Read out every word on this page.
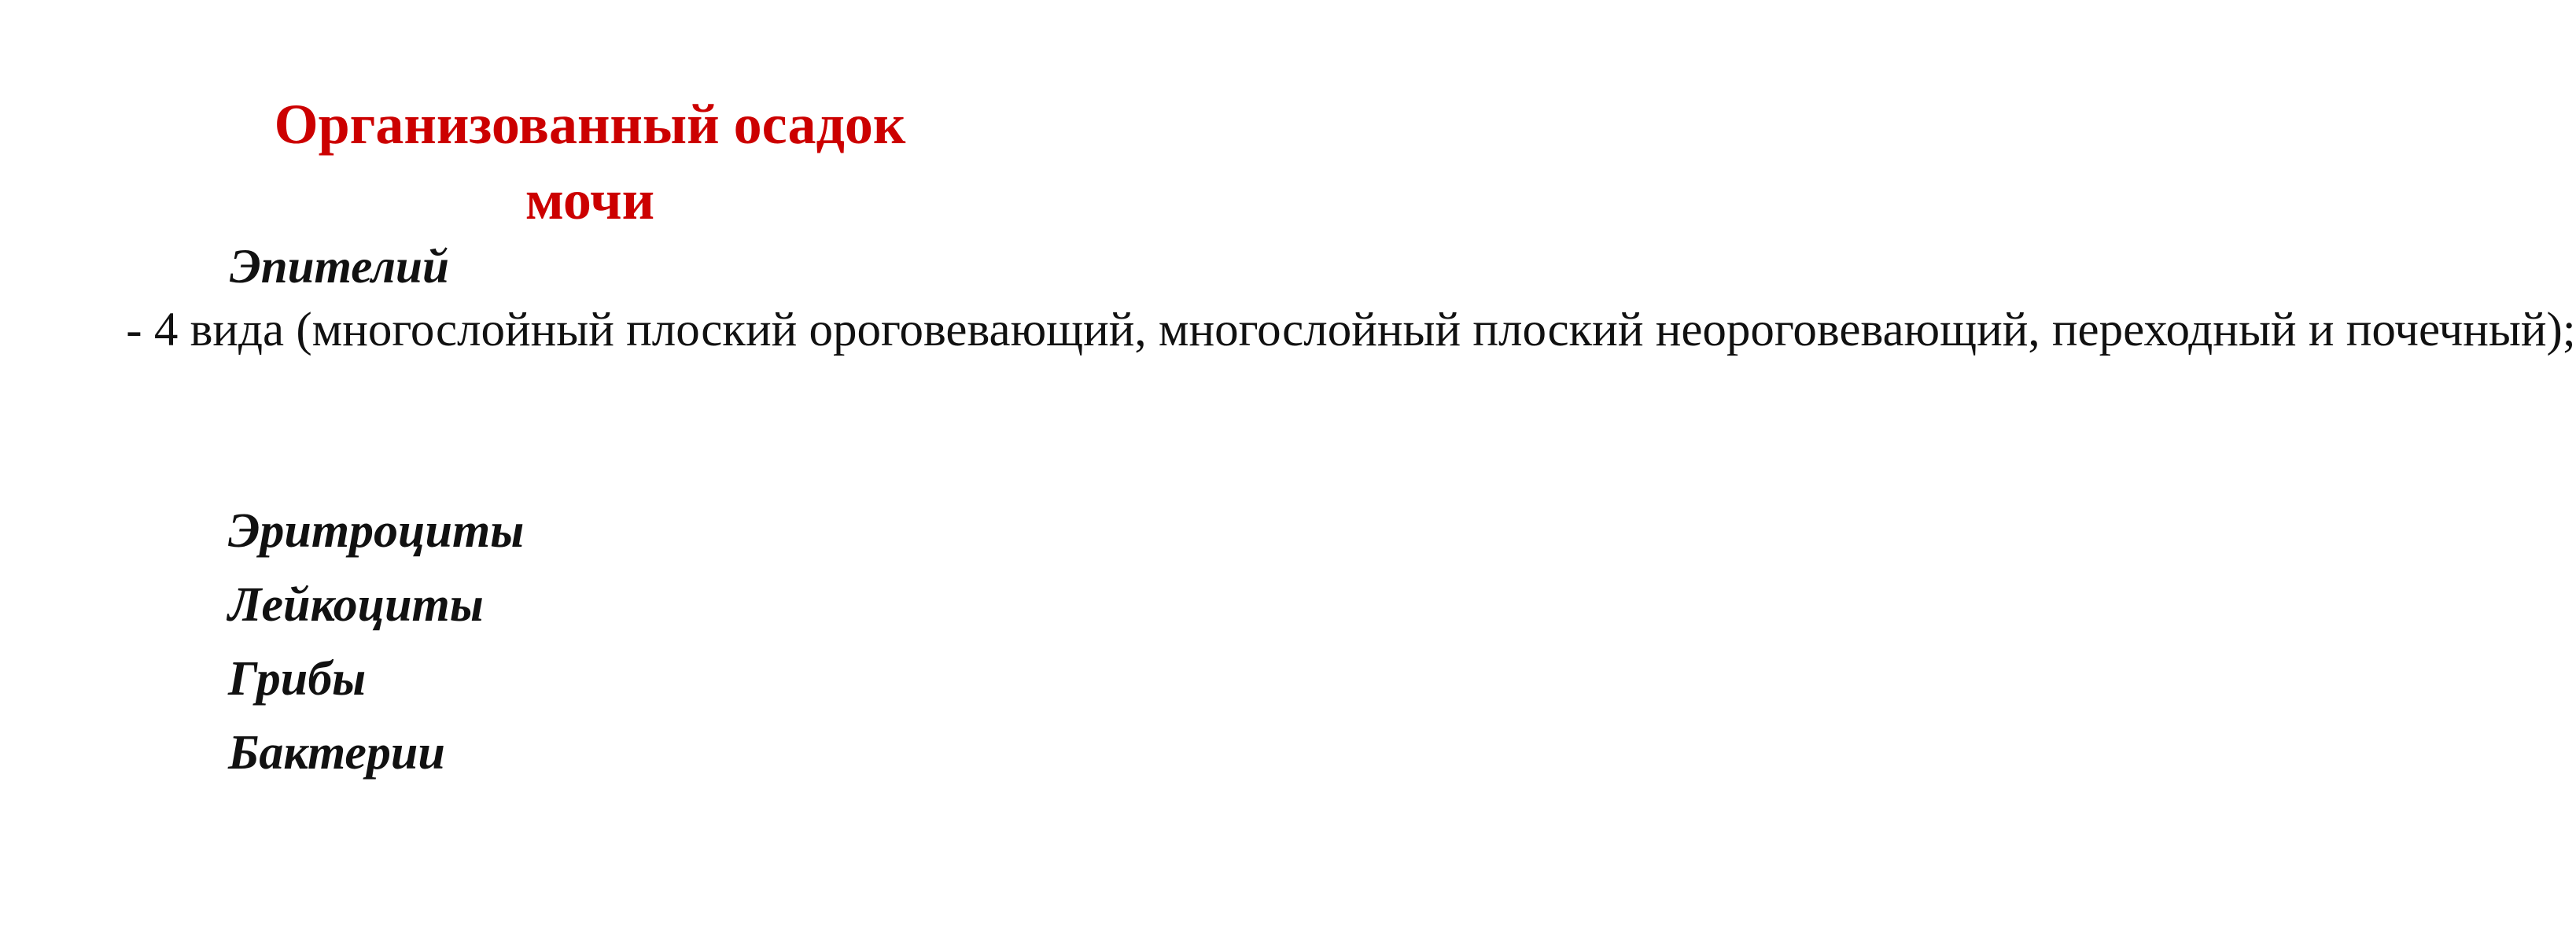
Организованный осадок
мочи

Эпителий - 4 вида (многослойный плоский ороговевающий, многослойный плоский неороговевающий, переходный и почечный);

Эритроциты
Лейкоциты
Грибы
Бактерии
